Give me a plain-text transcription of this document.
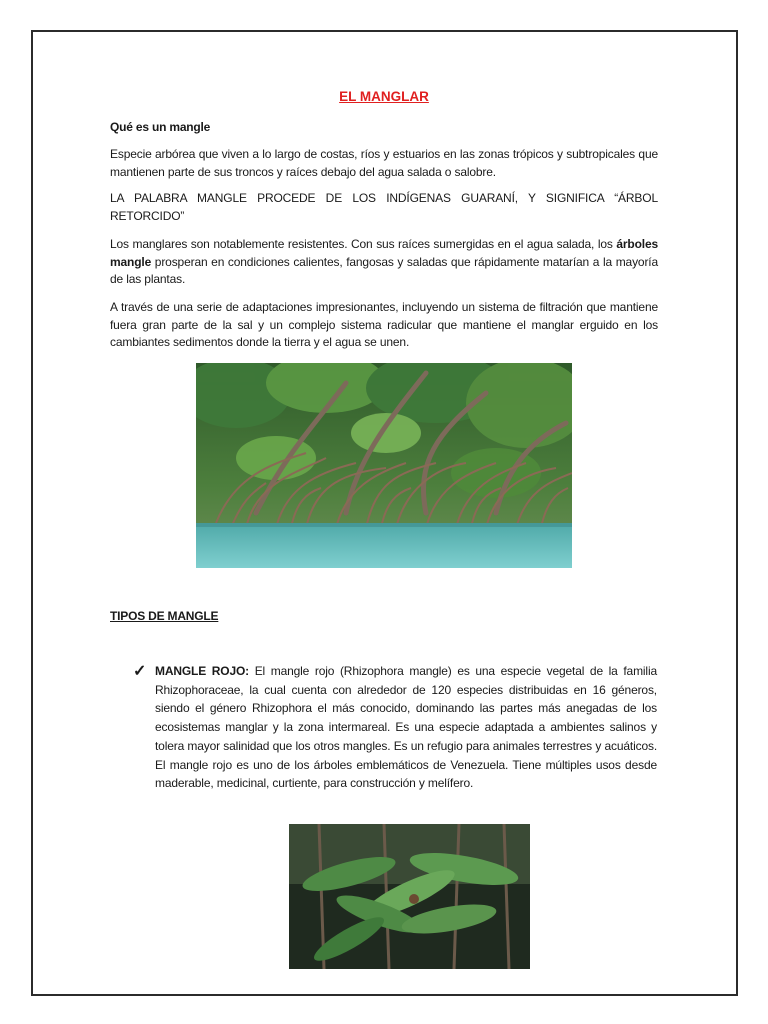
EL MANGLAR
Qué es un mangle
Especie arbórea que viven a lo largo de costas, ríos y estuarios en las zonas trópicos y subtropicales que mantienen parte de sus troncos y raíces debajo del agua salada o salobre.
LA PALABRA MANGLE PROCEDE DE LOS INDÍGENAS GUARANÍ, Y SIGNIFICA “ÁRBOL RETORCIDO”
Los manglares son notablemente resistentes. Con sus raíces sumergidas en el agua salada, los árboles mangle prosperan en condiciones calientes, fangosas y saladas que rápidamente matarían a la mayoría de las plantas.
A través de una serie de adaptaciones impresionantes, incluyendo un sistema de filtración que mantiene fuera gran parte de la sal y un complejo sistema radicular que mantiene el manglar erguido en los cambiantes sedimentos donde la tierra y el agua se unen.
TIPOS DE MANGLE
✓ MANGLE ROJO: El mangle rojo (Rhizophora mangle) es una especie vegetal de la familia Rhizophoraceae, la cual cuenta con alrededor de 120 especies distribuidas en 16 géneros, siendo el género Rhizophora el más conocido, dominando las partes más anegadas de los ecosistemas manglar y la zona intermareal. Es una especie adaptada a ambientes salinos y tolera mayor salinidad que los otros mangles. Es un refugio para animales terrestres y acuáticos. El mangle rojo es uno de los árboles emblemáticos de Venezuela. Tiene múltiples usos desde maderable, medicinal, curtiente, para construcción y melífero.
